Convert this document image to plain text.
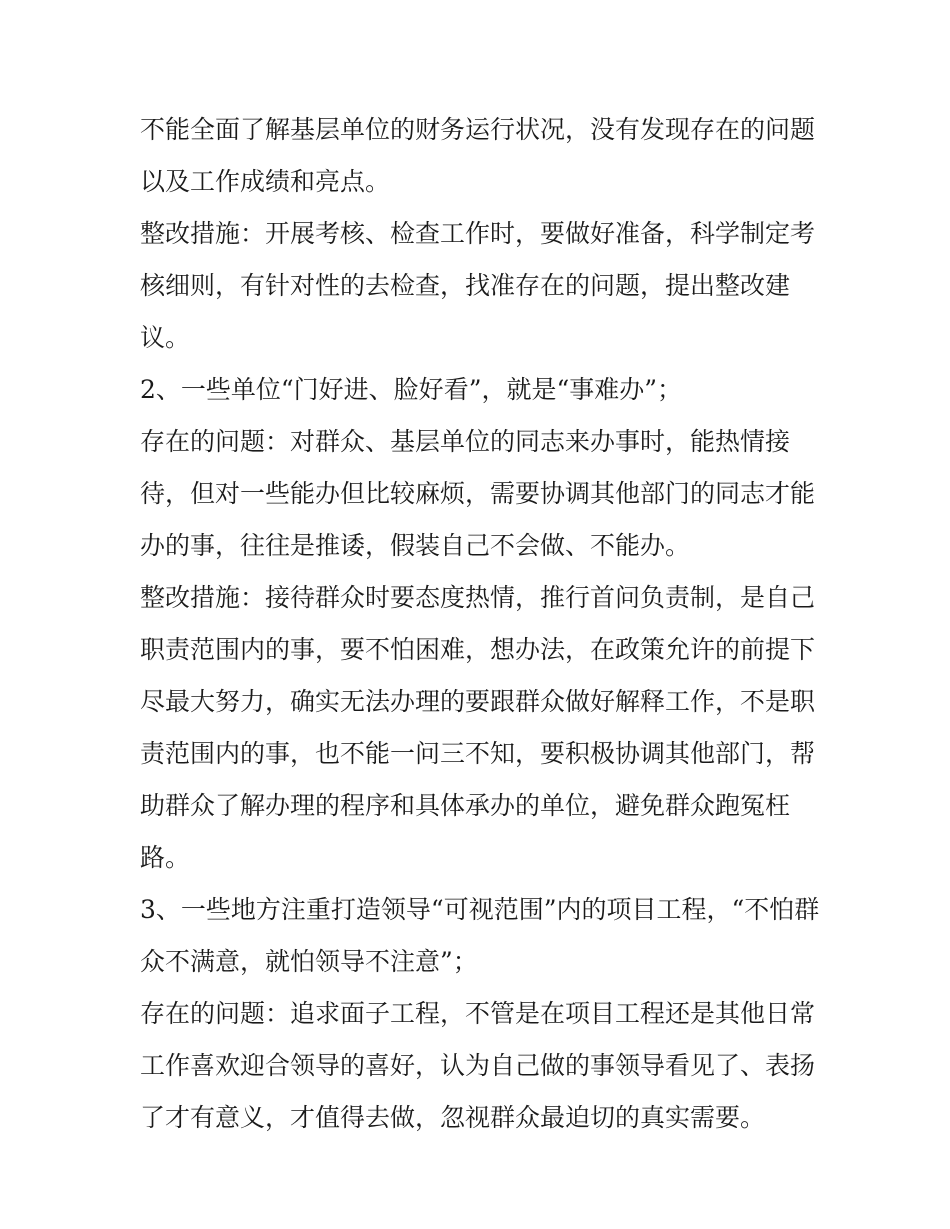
不能全面了解基层单位的财务运行状况，没有发现存在的问题
以及工作成绩和亮点。
整改措施：开展考核、检查工作时，要做好准备，科学制定考
核细则，有针对性的去检查，找准存在的问题，提出整改建
议。
2、一些单位“门好进、脸好看”，就是“事难办”；
存在的问题：对群众、基层单位的同志来办事时，能热情接
待，但对一些能办但比较麻烦，需要协调其他部门的同志才能
办的事，往往是推诿，假装自己不会做、不能办。
整改措施：接待群众时要态度热情，推行首问负责制，是自己
职责范围内的事，要不怕困难，想办法，在政策允许的前提下
尽最大努力，确实无法办理的要跟群众做好解释工作，不是职
责范围内的事，也不能一问三不知，要积极协调其他部门，帮
助群众了解办理的程序和具体承办的单位，避免群众跑冤枉
路。
3、一些地方注重打造领导“可视范围”内的项目工程，“不怕群
众不满意，就怕领导不注意”；
存在的问题：追求面子工程，不管是在项目工程还是其他日常
工作喜欢迎合领导的喜好，认为自己做的事领导看见了、表扬
了才有意义，才值得去做，忽视群众最迫切的真实需要。
